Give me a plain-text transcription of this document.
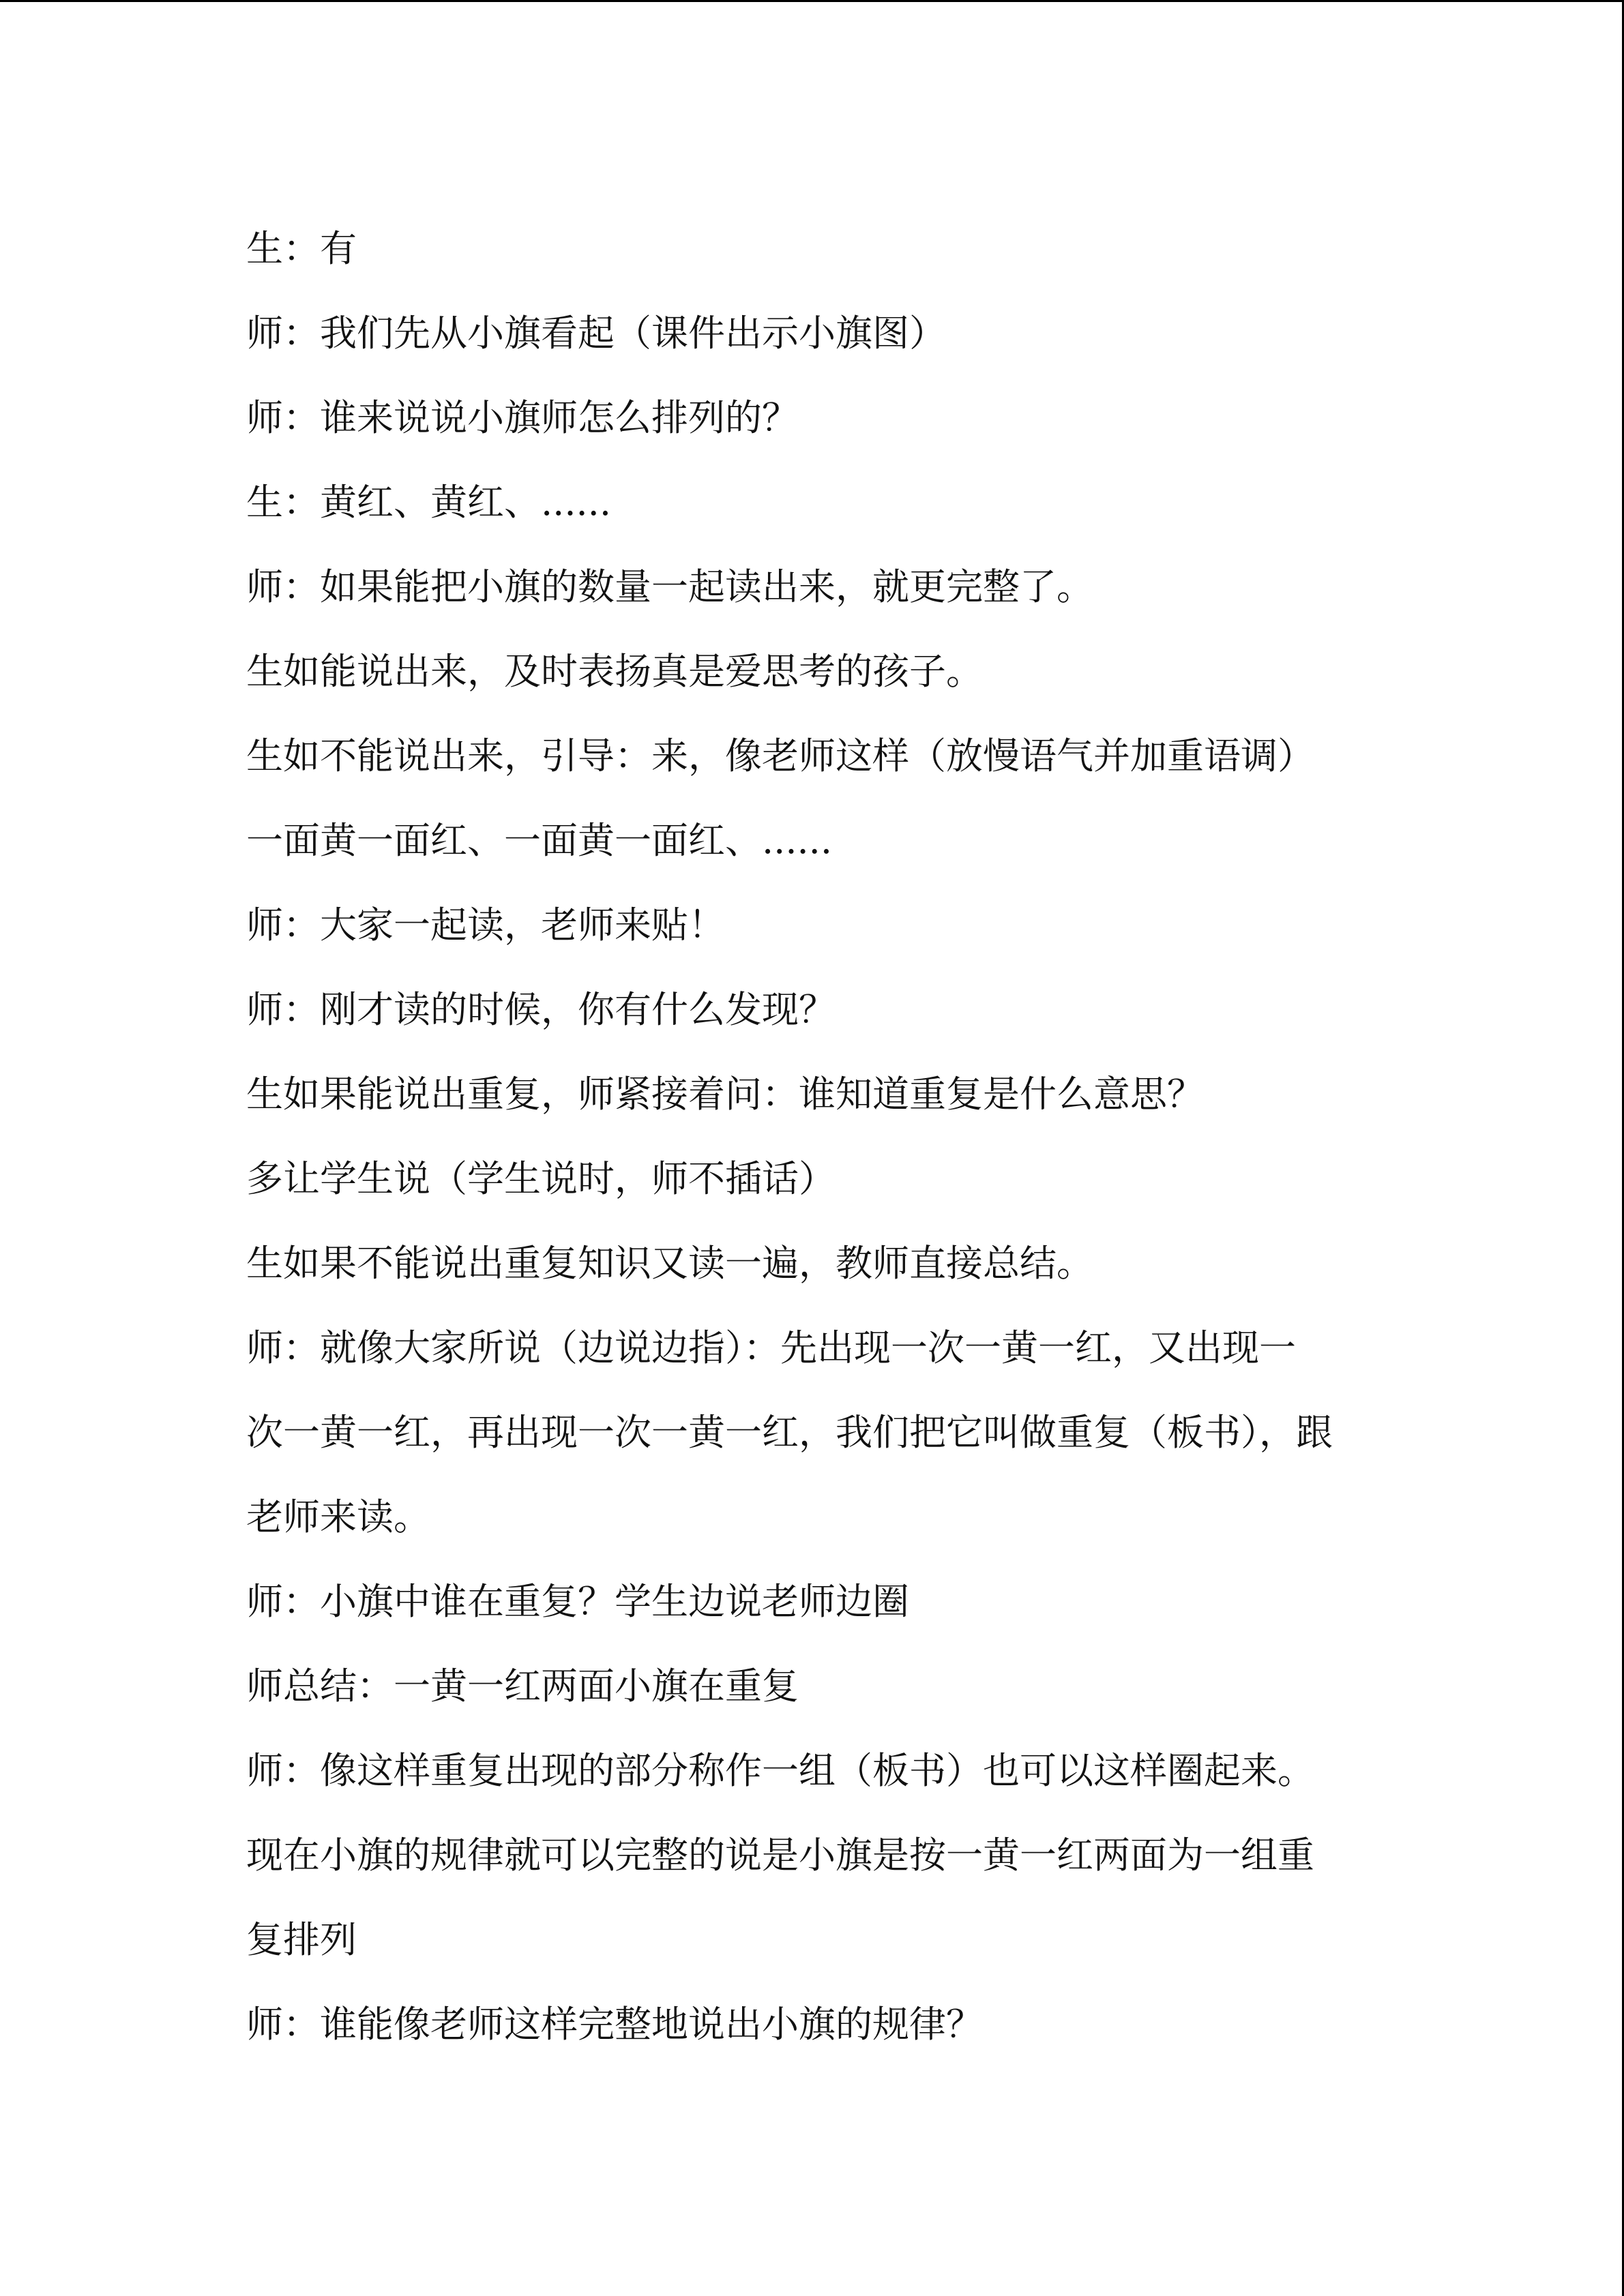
生：有
师：我们先从小旗看起（课件出示小旗图）
师：谁来说说小旗师怎么排列的？
生：黄红、黄红、......
师：如果能把小旗的数量一起读出来，就更完整了。
生如能说出来，及时表扬真是爱思考的孩子。
生如不能说出来，引导：来，像老师这样（放慢语气并加重语调）
一面黄一面红、一面黄一面红、......
师：大家一起读，老师来贴！
师：刚才读的时候，你有什么发现？
生如果能说出重复，师紧接着问：谁知道重复是什么意思？
多让学生说（学生说时，师不插话）
生如果不能说出重复知识又读一遍，教师直接总结。
师：就像大家所说（边说边指）：先出现一次一黄一红，又出现一
次一黄一红，再出现一次一黄一红，我们把它叫做重复（板书），跟
老师来读。
师：小旗中谁在重复？学生边说老师边圈
师总结：一黄一红两面小旗在重复
师：像这样重复出现的部分称作一组（板书）也可以这样圈起来。
现在小旗的规律就可以完整的说是小旗是按一黄一红两面为一组重
复排列
师：谁能像老师这样完整地说出小旗的规律？
